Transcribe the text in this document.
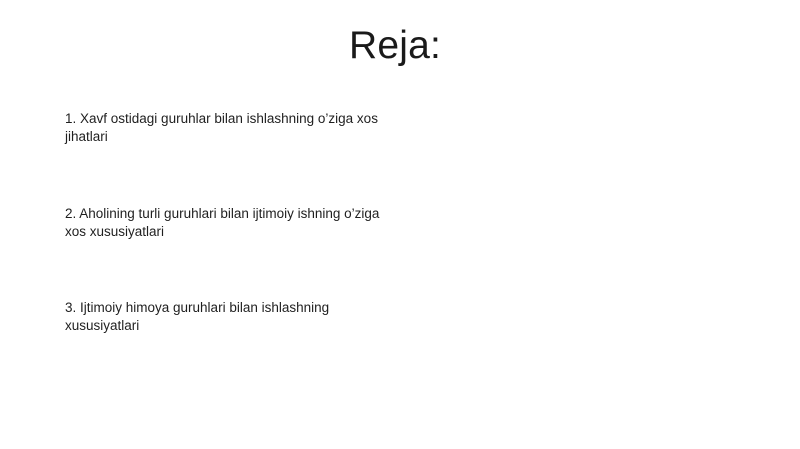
Reja:
1. Xavf ostidagi guruhlar bilan ishlashning o’ziga xos jihatlari
2. Aholining turli guruhlari bilan ijtimoiy ishning o’ziga xos xususiyatlari
3. Ijtimoiy himoya guruhlari bilan ishlashning xususiyatlari
